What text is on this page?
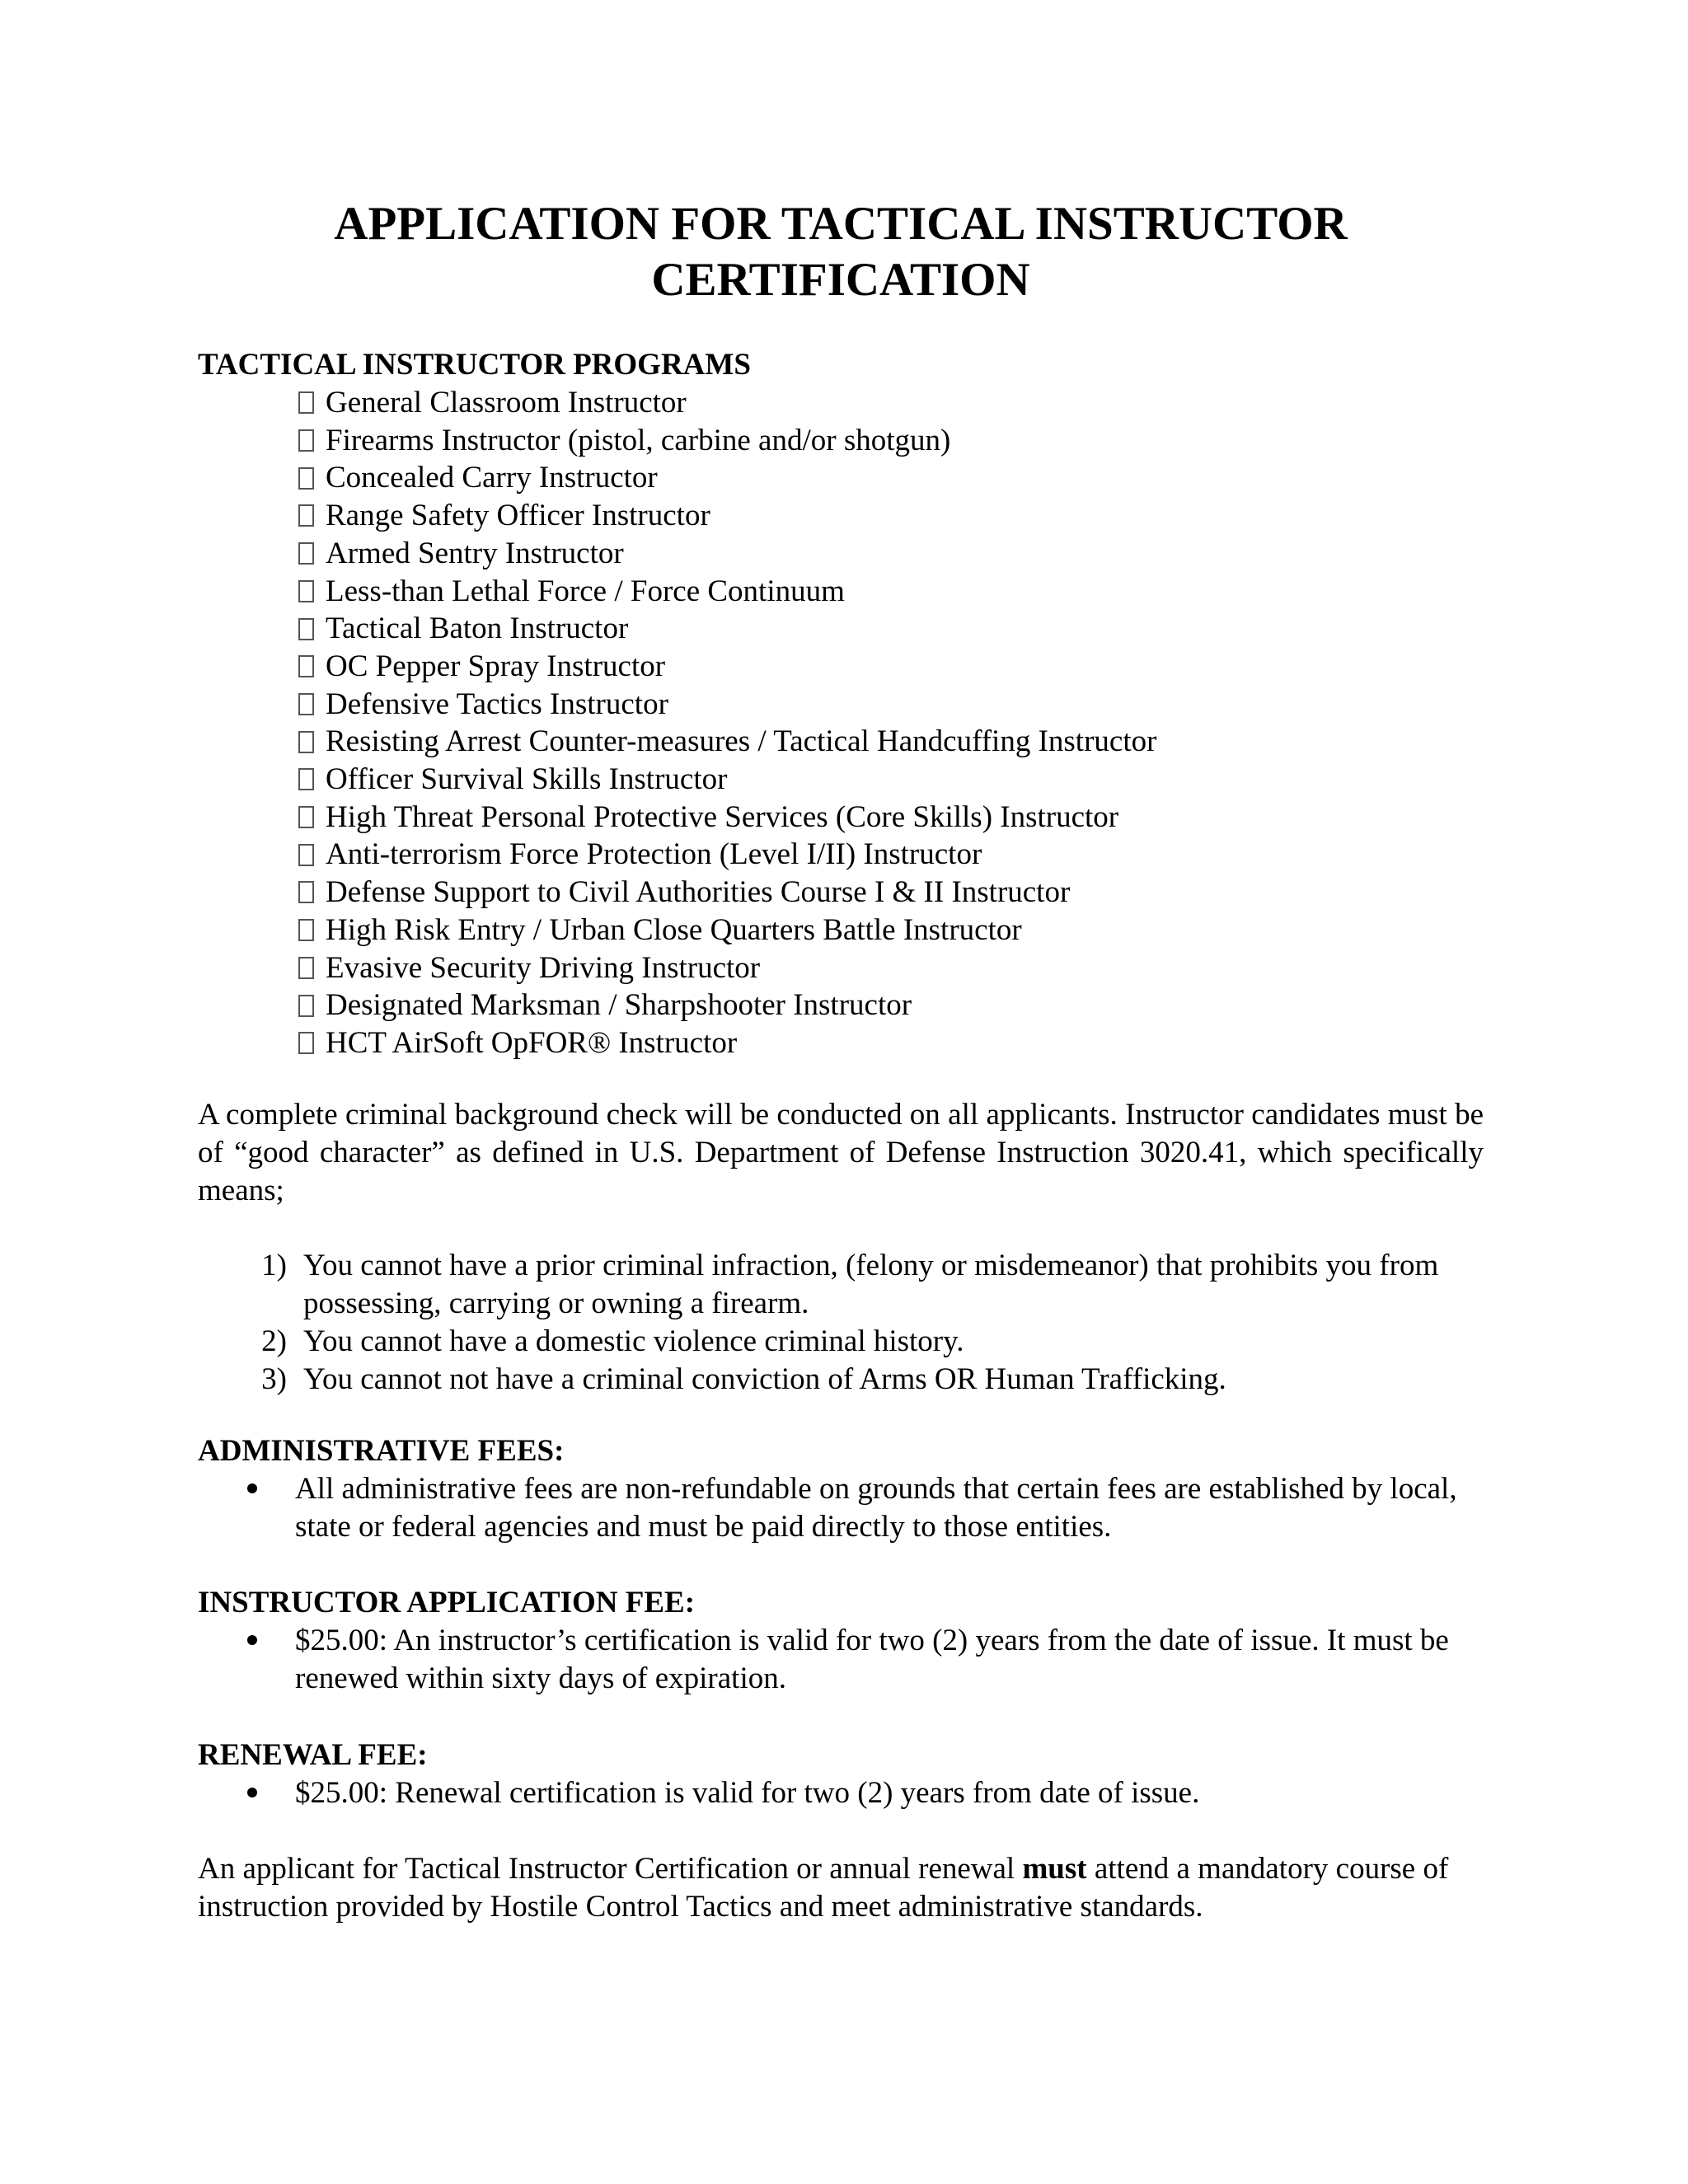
APPLICATION FOR TACTICAL INSTRUCTOR
CERTIFICATION
TACTICAL INSTRUCTOR PROGRAMS
General Classroom Instructor
Firearms Instructor (pistol, carbine and/or shotgun)
Concealed Carry Instructor
Range Safety Officer Instructor
Armed Sentry Instructor
Less-than Lethal Force / Force Continuum
Tactical Baton Instructor
OC Pepper Spray Instructor
Defensive Tactics Instructor
Resisting Arrest Counter-measures / Tactical Handcuffing Instructor
Officer Survival Skills Instructor
High Threat Personal Protective Services (Core Skills) Instructor
Anti-terrorism Force Protection (Level I/II) Instructor
Defense Support to Civil Authorities Course I & II Instructor
High Risk Entry / Urban Close Quarters Battle Instructor
Evasive Security Driving Instructor
Designated Marksman / Sharpshooter Instructor
HCT AirSoft OpFOR® Instructor

A complete criminal background check will be conducted on all applicants. Instructor candidates must be of “good character” as defined in U.S. Department of Defense Instruction 3020.41, which specifically means;

1) You cannot have a prior criminal infraction, (felony or misdemeanor) that prohibits you from possessing, carrying or owning a firearm.
2) You cannot have a domestic violence criminal history.
3) You cannot not have a criminal conviction of Arms OR Human Trafficking.
ADMINISTRATIVE FEES:
All administrative fees are non-refundable on grounds that certain fees are established by local, state or federal agencies and must be paid directly to those entities.
INSTRUCTOR APPLICATION FEE:
$25.00: An instructor’s certification is valid for two (2) years from the date of issue. It must be renewed within sixty days of expiration.
RENEWAL FEE:
$25.00: Renewal certification is valid for two (2) years from date of issue.

An applicant for Tactical Instructor Certification or annual renewal must attend a mandatory course of instruction provided by Hostile Control Tactics and meet administrative standards.
